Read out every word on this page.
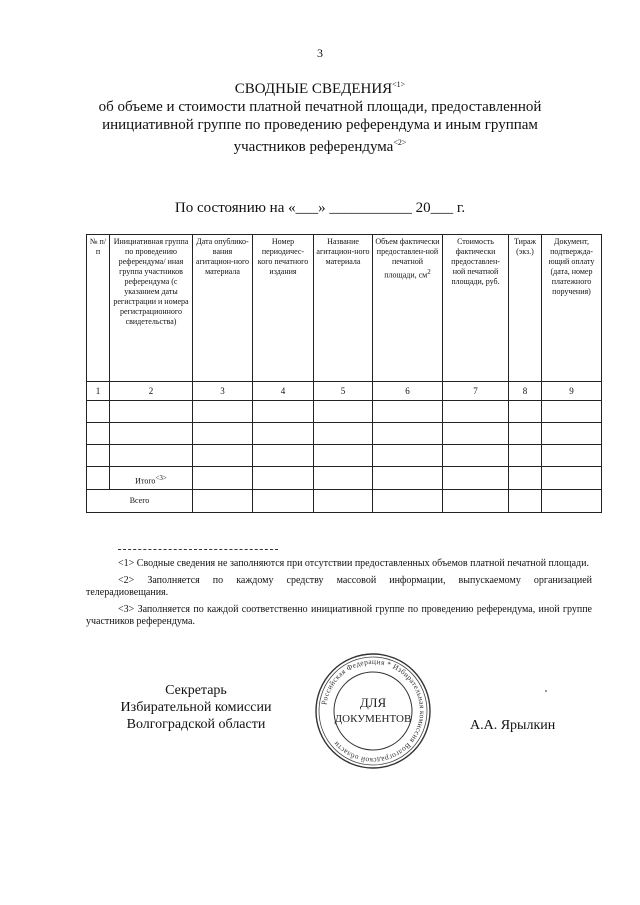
3
СВОДНЫЕ $СВЕДЕНИЯ^{<1>}$
об объеме и стоимости платной печатной площади, предоставленной
инициативной группе по проведению референдума и иным группам
участников референдума$^{<2>}$
По состоянию на «___» ___________ 20___ г.
№ п/п	Инициативная группа по проведению референдума/ иная группа участников референдума (с указанием даты регистрации и номера регистрационного свидетельства)	Дата опублико-вания агитацион-ного материала	Номер периодичес-кого печатного издания	Название агитацион-ного материала	Объем фактически предоставлен-ной печатной площади, $см^2$	Стоимость фактически предоставлен-ной печатной площади, руб.	Тираж (экз.)	Документ, подтвержда-ющий оплату (дата, номер платежного поручения)
1	2	3	4	5	6	7	8	9

	Итого$^{<3>}$							
Всего								

<1> Сводные сведения не заполняются при отсутствии предоставленных объемов платной печатной площади.

<2> Заполняется по каждому средству массовой информации, выпускаемому организацией телерадиовещания.

<3> Заполняется по каждой соответственно инициативной группе по проведению референдума, иной группе участников референдума.

Секретарь
Избирательной комиссии
Волгоградской области
Российская Федерация * Избирательная комиссия Волгоградской области
ДЛЯ
ДОКУМЕНТОВ	А.А. Ярылкин
